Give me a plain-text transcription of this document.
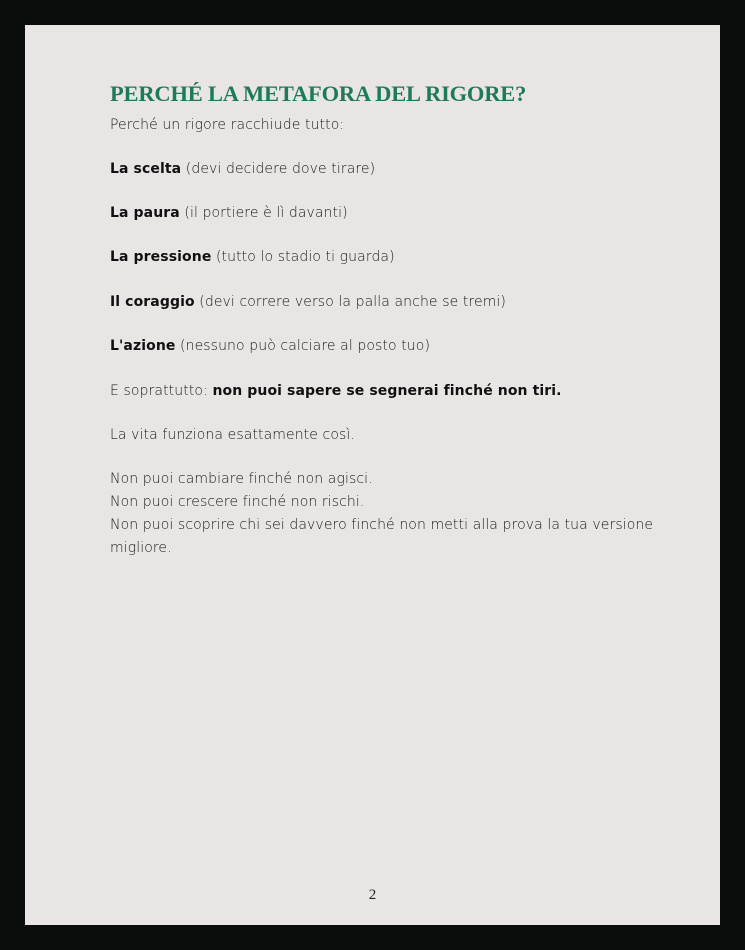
PERCHÉ LA METAFORA DEL RIGORE?

Perché un rigore racchiude tutto:

La scelta (devi decidere dove tirare)

La paura (il portiere è lì davanti)

La pressione (tutto lo stadio ti guarda)

Il coraggio (devi correre verso la palla anche se tremi)

L'azione (nessuno può calciare al posto tuo)

E soprattutto: non puoi sapere se segnerai finché non tiri.

La vita funziona esattamente così.

Non puoi cambiare finché non agisci.

Non puoi crescere finché non rischi.

Non puoi scoprire chi sei davvero finché non metti alla prova la tua versione

migliore.

2
